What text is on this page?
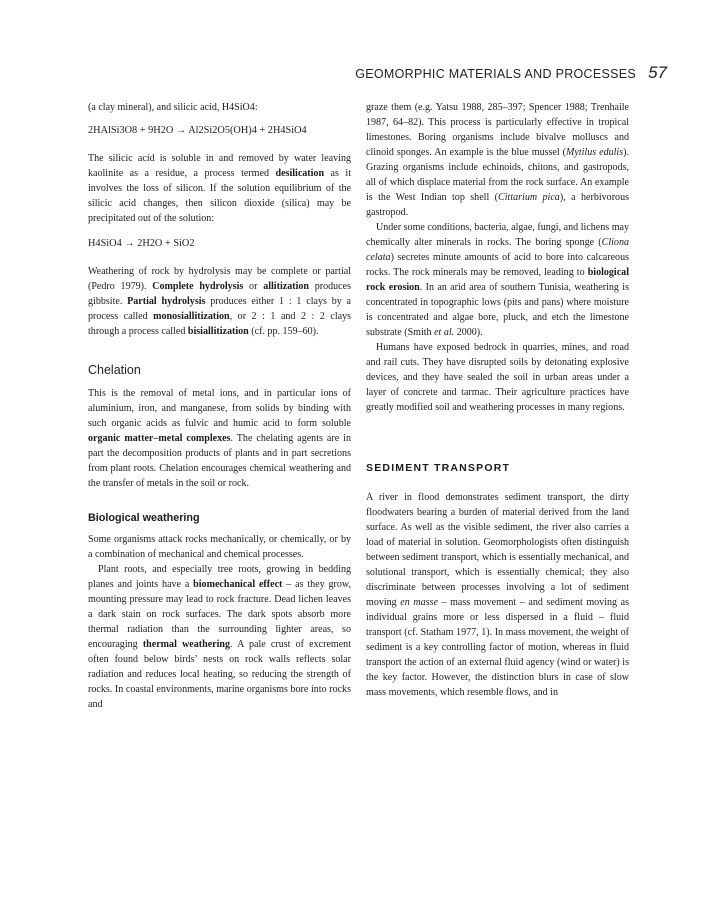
GEOMORPHIC MATERIALS AND PROCESSES 57

(a clay mineral), and silicic acid, H4SiO4:

2HAlSi3O8 + 9H2O → Al2Si2O5(OH)4 + 2H4SiO4

The silicic acid is soluble in and removed by water leaving kaolinite as a residue, a process termed desilication as it involves the loss of silicon. If the solution equilibrium of the silicic acid changes, then silicon dioxide (silica) may be precipitated out of the solution:

H4SiO4 → 2H2O + SiO2

Weathering of rock by hydrolysis may be complete or partial (Pedro 1979). Complete hydrolysis or allitization produces gibbsite. Partial hydrolysis produces either 1 : 1 clays by a process called monosiallitization, or 2 : 1 and 2 : 2 clays through a process called bisiallitization (cf. pp. 159–60).

Chelation

This is the removal of metal ions, and in particular ions of aluminium, iron, and manganese, from solids by binding with such organic acids as fulvic and humic acid to form soluble organic matter–metal complexes. The chelating agents are in part the decomposition products of plants and in part secretions from plant roots. Chelation encourages chemical weathering and the transfer of metals in the soil or rock.

Biological weathering

Some organisms attack rocks mechanically, or chemically, or by a combination of mechanical and chemical processes.

Plant roots, and especially tree roots, growing in bedding planes and joints have a biomechanical effect – as they grow, mounting pressure may lead to rock fracture. Dead lichen leaves a dark stain on rock surfaces. The dark spots absorb more thermal radiation than the surrounding lighter areas, so encouraging thermal weathering. A pale crust of excrement often found below birds’ nests on rock walls reflects solar radiation and reduces local heating, so reducing the strength of rocks. In coastal environments, marine organisms bore into rocks and

graze them (e.g. Yatsu 1988, 285–397; Spencer 1988; Trenhaile 1987, 64–82). This process is particularly effective in tropical limestones. Boring organisms include bivalve molluscs and clinoid sponges. An example is the blue mussel (Mytilus edulis). Grazing organisms include echinoids, chitons, and gastropods, all of which displace material from the rock surface. An example is the West Indian top shell (Cittarium pica), a herbivorous gastropod.

Under some conditions, bacteria, algae, fungi, and lichens may chemically alter minerals in rocks. The boring sponge (Cliona celata) secretes minute amounts of acid to bore into calcareous rocks. The rock minerals may be removed, leading to biological rock erosion. In an arid area of southern Tunisia, weathering is concentrated in topographic lows (pits and pans) where moisture is concentrated and algae bore, pluck, and etch the limestone substrate (Smith et al. 2000).

Humans have exposed bedrock in quarries, mines, and road and rail cuts. They have disrupted soils by detonating explosive devices, and they have sealed the soil in urban areas under a layer of concrete and tarmac. Their agriculture practices have greatly modified soil and weathering processes in many regions.

SEDIMENT TRANSPORT

A river in flood demonstrates sediment transport, the dirty floodwaters bearing a burden of material derived from the land surface. As well as the visible sediment, the river also carries a load of material in solution. Geomorphologists often distinguish between sediment transport, which is essentially mechanical, and solutional transport, which is essentially chemical; they also discriminate between processes involving a lot of sediment moving en masse – mass movement – and sediment moving as individual grains more or less dispersed in a fluid – fluid transport (cf. Statham 1977, 1). In mass movement, the weight of sediment is a key controlling factor of motion, whereas in fluid transport the action of an external fluid agency (wind or water) is the key factor. However, the distinction blurs in case of slow mass movements, which resemble flows, and in
